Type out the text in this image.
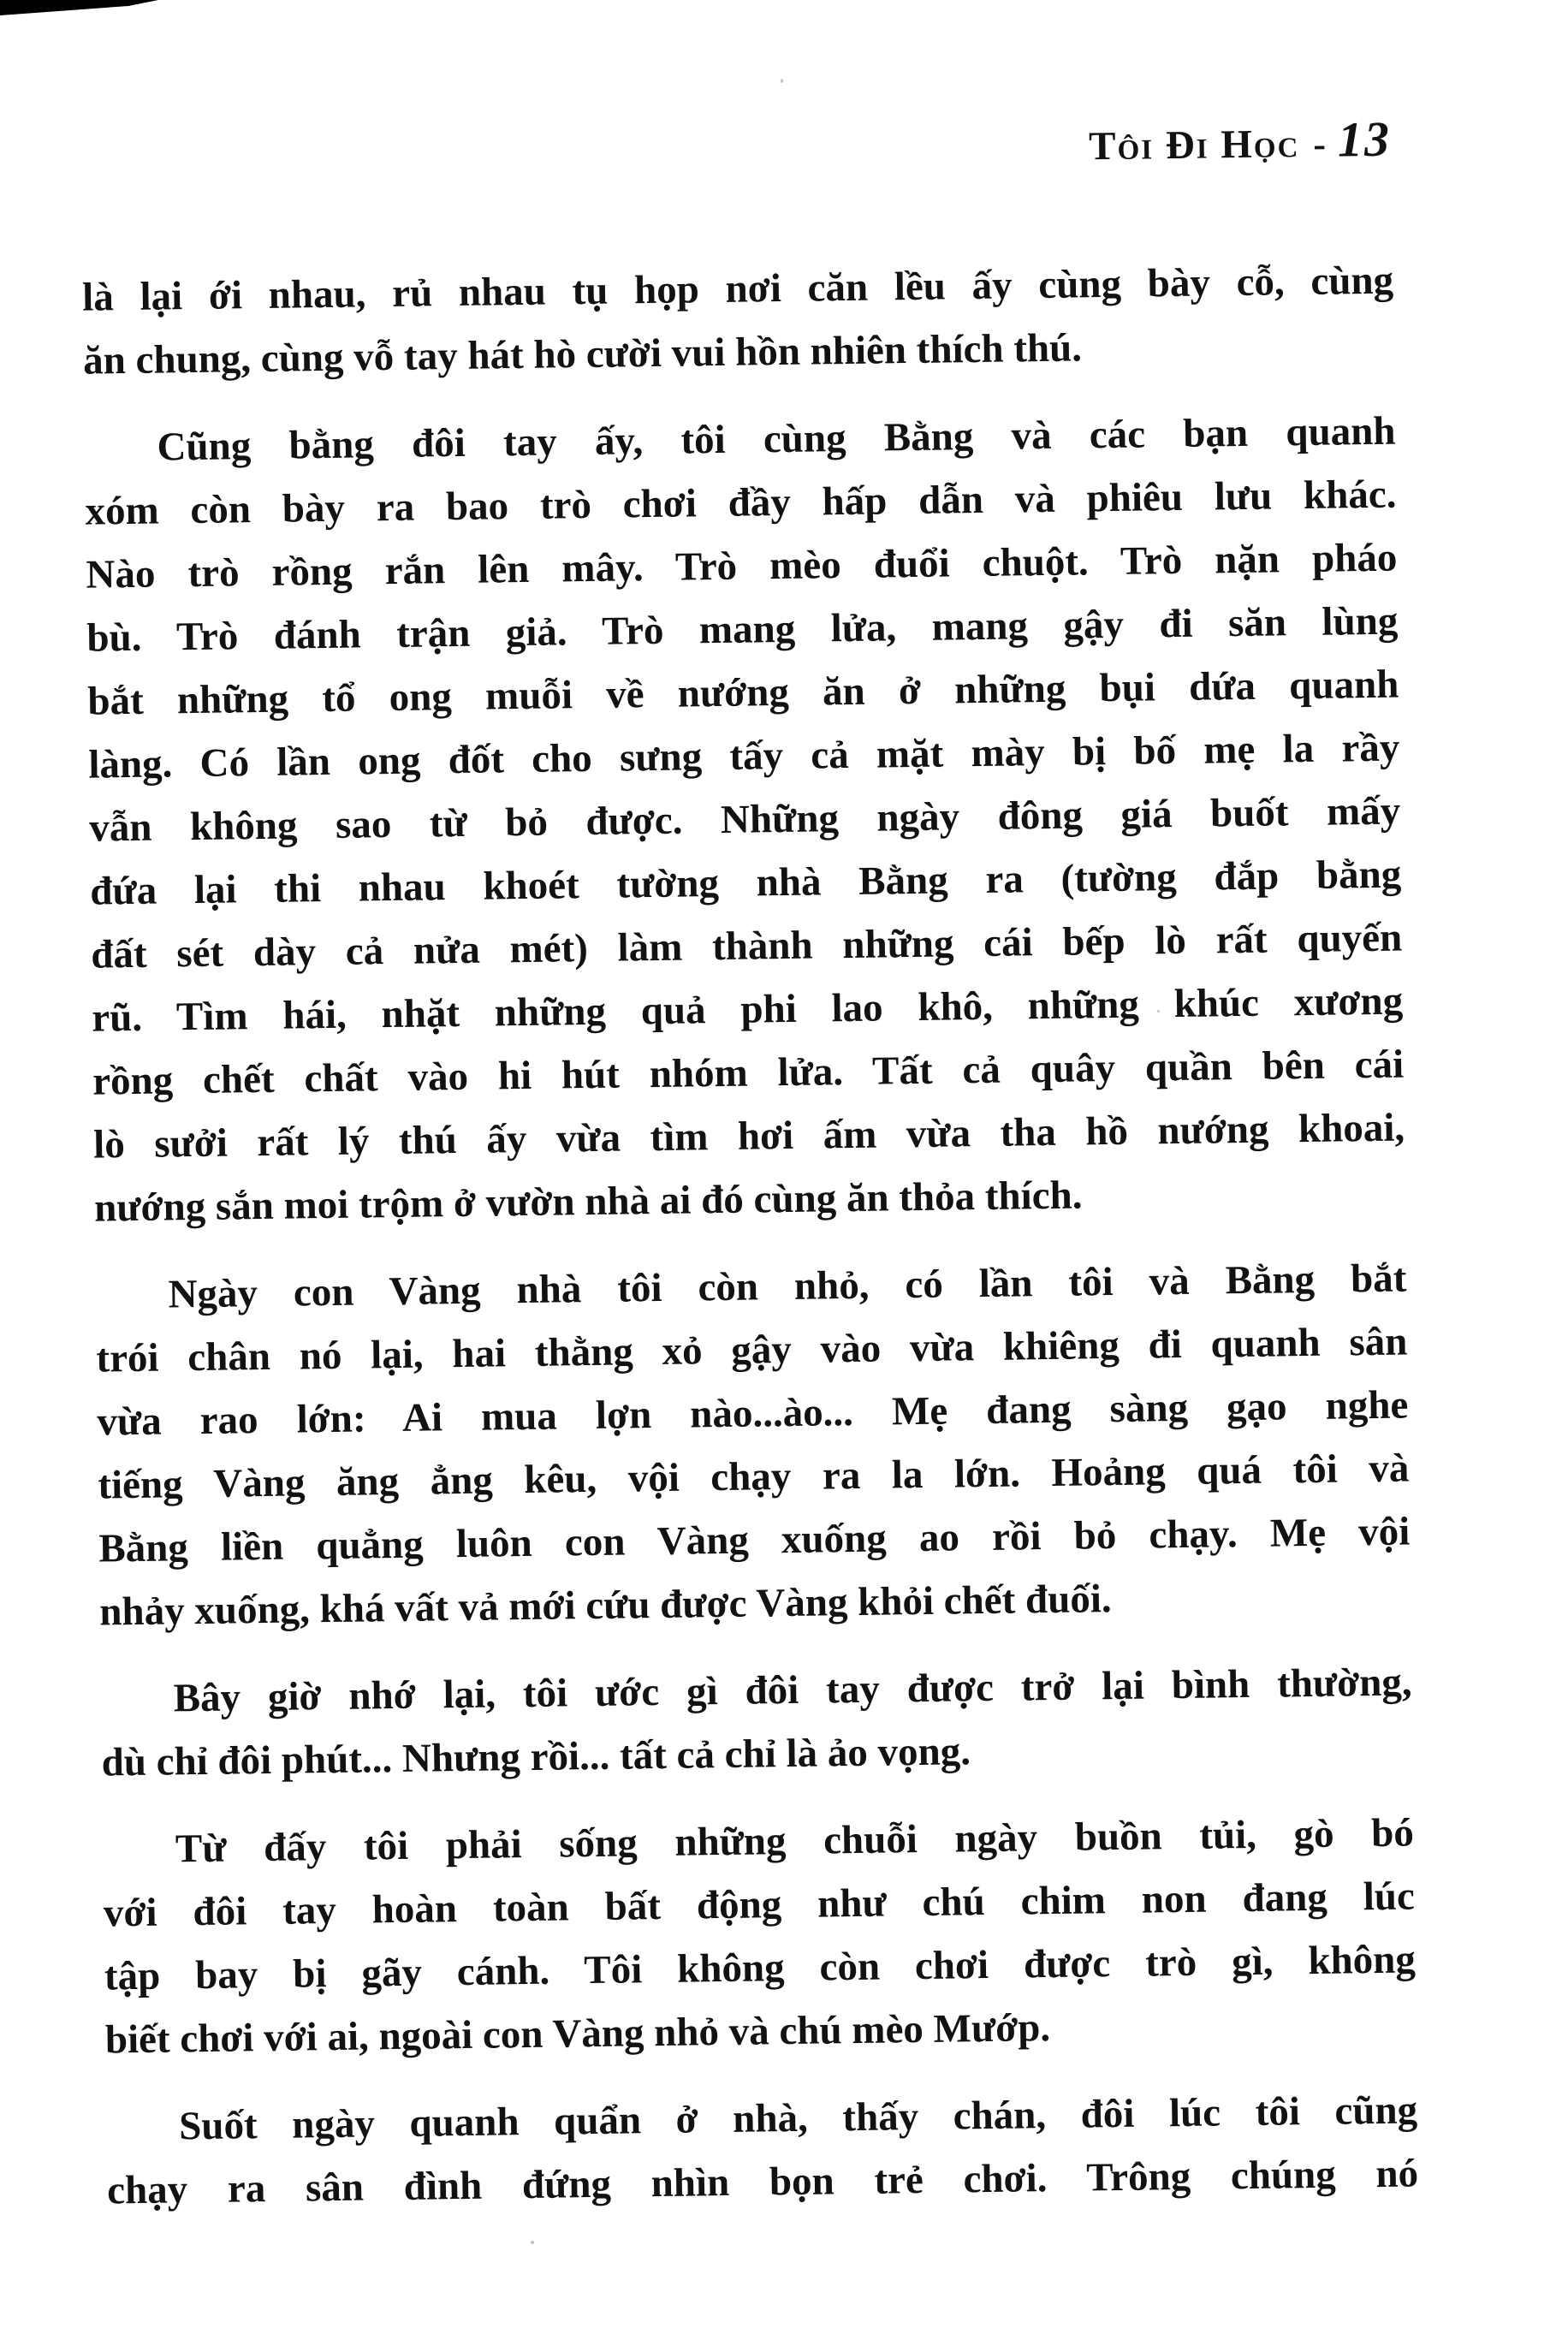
Tôi Đi Học - 13
là lại ới nhau, rủ nhau tụ họp nơi căn lều ấy cùng bày cỗ, cùng
ăn chung, cùng vỗ tay hát hò cười vui hồn nhiên thích thú.
Cũng bằng đôi tay ấy, tôi cùng Bằng và các bạn quanh
xóm còn bày ra bao trò chơi đầy hấp dẫn và phiêu lưu khác.
Nào trò rồng rắn lên mây. Trò mèo đuổi chuột. Trò nặn pháo
bù. Trò đánh trận giả. Trò mang lửa, mang gậy đi săn lùng
bắt những tổ ong muỗi về nướng ăn ở những bụi dứa quanh
làng. Có lần ong đốt cho sưng tấy cả mặt mày bị bố mẹ la rầy
vẫn không sao từ bỏ được. Những ngày đông giá buốt mấy
đứa lại thi nhau khoét tường nhà Bằng ra (tường đắp bằng
đất sét dày cả nửa mét) làm thành những cái bếp lò rất quyến
rũ. Tìm hái, nhặt những quả phi lao khô, những khúc xương
rồng chết chất vào hi hút nhóm lửa. Tất cả quây quần bên cái
lò sưởi rất lý thú ấy vừa tìm hơi ấm vừa tha hồ nướng khoai,
nướng sắn moi trộm ở vườn nhà ai đó cùng ăn thỏa thích.
Ngày con Vàng nhà tôi còn nhỏ, có lần tôi và Bằng bắt
trói chân nó lại, hai thằng xỏ gậy vào vừa khiêng đi quanh sân
vừa rao lớn: Ai mua lợn nào...ào... Mẹ đang sàng gạo nghe
tiếng Vàng ăng ẳng kêu, vội chạy ra la lớn. Hoảng quá tôi và
Bằng liền quẳng luôn con Vàng xuống ao rồi bỏ chạy. Mẹ vội
nhảy xuống, khá vất vả mới cứu được Vàng khỏi chết đuối.
Bây giờ nhớ lại, tôi ước gì đôi tay được trở lại bình thường,
dù chỉ đôi phút... Nhưng rồi... tất cả chỉ là ảo vọng.
Từ đấy tôi phải sống những chuỗi ngày buồn tủi, gò bó
với đôi tay hoàn toàn bất động như chú chim non đang lúc
tập bay bị gãy cánh. Tôi không còn chơi được trò gì, không
biết chơi với ai, ngoài con Vàng nhỏ và chú mèo Mướp.
Suốt ngày quanh quẩn ở nhà, thấy chán, đôi lúc tôi cũng
chạy ra sân đình đứng nhìn bọn trẻ chơi. Trông chúng nó
